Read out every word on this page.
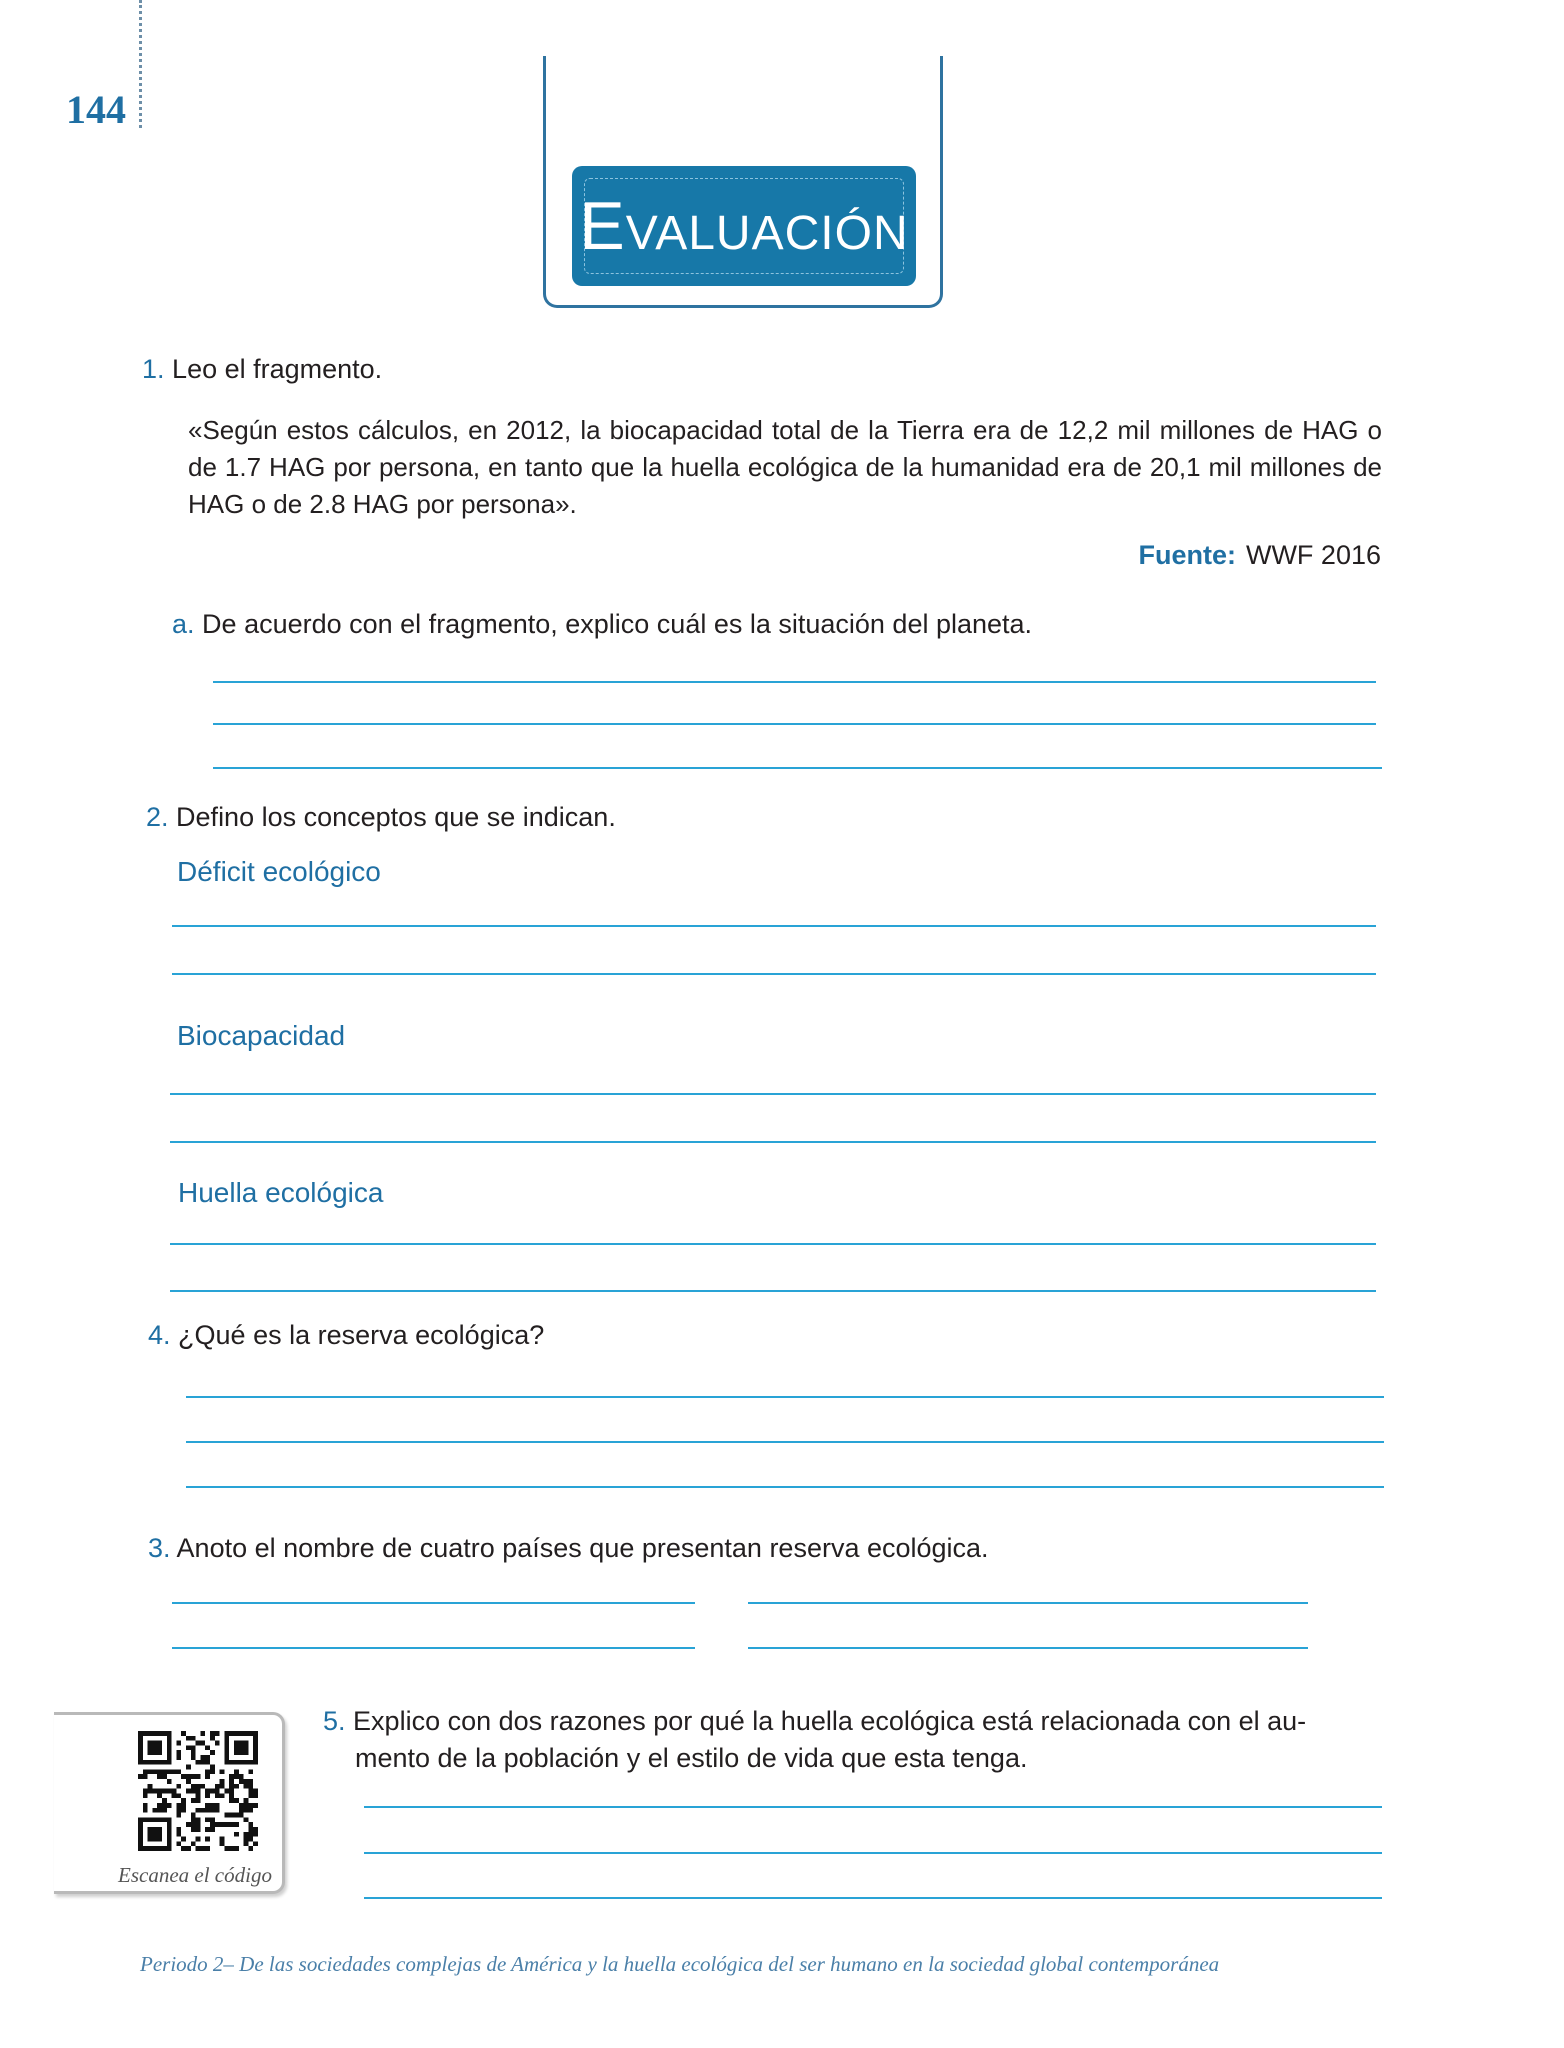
144
EVALUACIÓN
1. Leo el fragmento.
«Según estos cálculos, en 2012, la biocapacidad total de la Tierra era de 12,2 mil millones de HAG o de 1.7 HAG por persona, en tanto que la huella ecológica de la humanidad era de 20,1 mil millones de HAG o de 2.8 HAG por persona».
Fuente: WWF 2016
a. De acuerdo con el fragmento, explico cuál es la situación del planeta.
2. Defino los conceptos que se indican.
Déficit ecológico
Biocapacidad
Huella ecológica
4. ¿Qué es la reserva ecológica?
3. Anoto el nombre de cuatro países que presentan reserva ecológica.
Escanea el código
5. Explico con dos razones por qué la huella ecológica está relacionada con el au-
mento de la población y el estilo de vida que esta tenga.
Periodo 2– De las sociedades complejas de América y la huella ecológica del ser humano en la sociedad global contemporánea
